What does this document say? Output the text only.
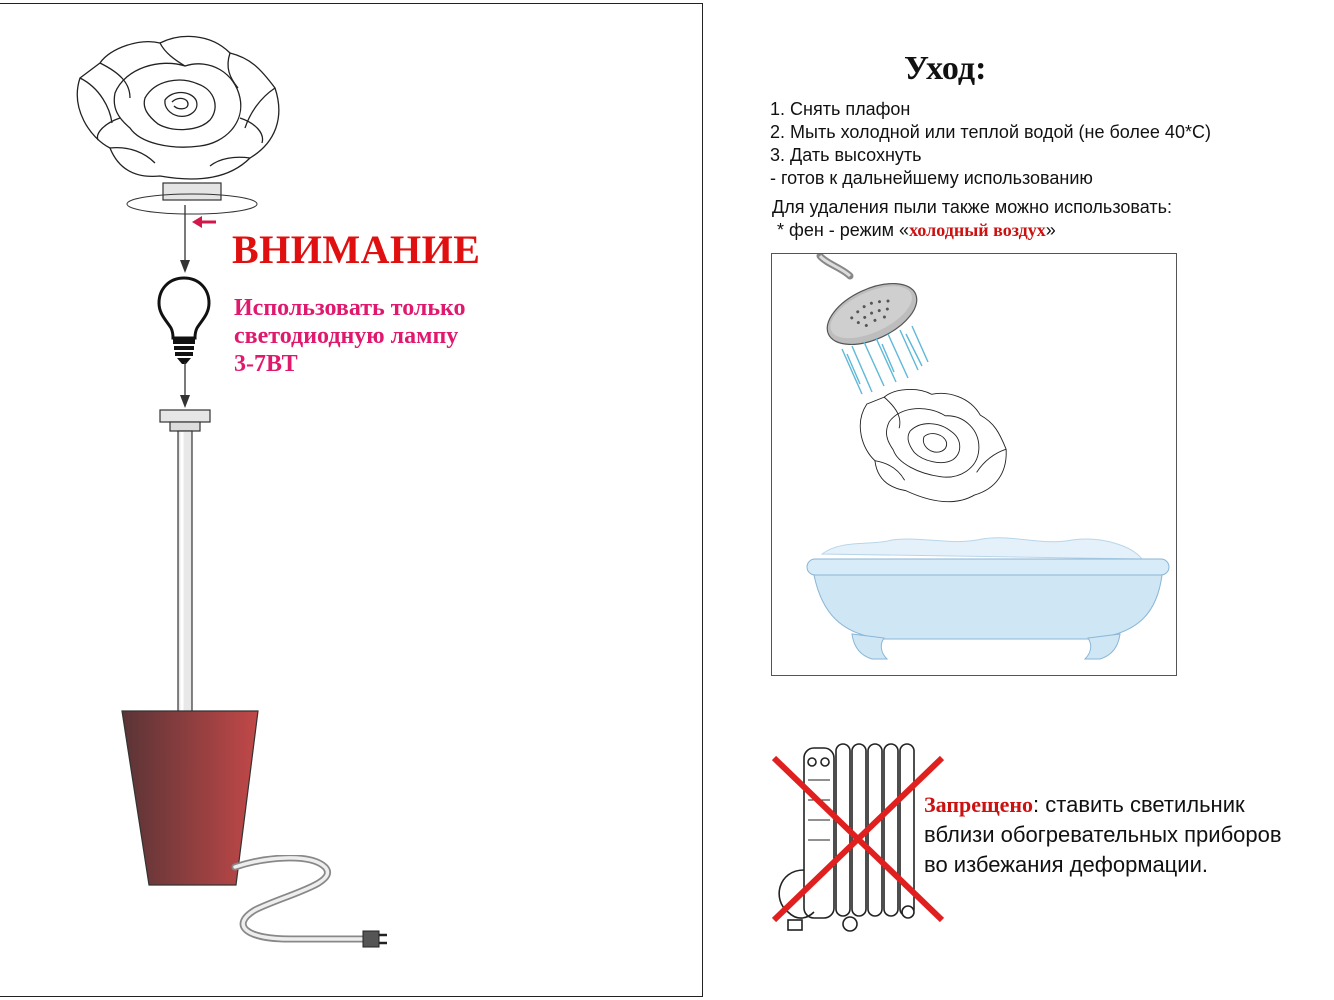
ВНИМАНИЕ
Использовать только
светодиодную лампу
3-7ВТ
Уход:
1. Снять плафон
2. Мыть холодной или теплой водой (не более 40*С)
3. Дать высохнуть
- готов к дальнейшему использованию
Для удаления пыли также можно использовать:
* фен - режим «холодный воздух»
Запрещено: ставить светильник
вблизи обогревательных приборов
во избежания деформации.
